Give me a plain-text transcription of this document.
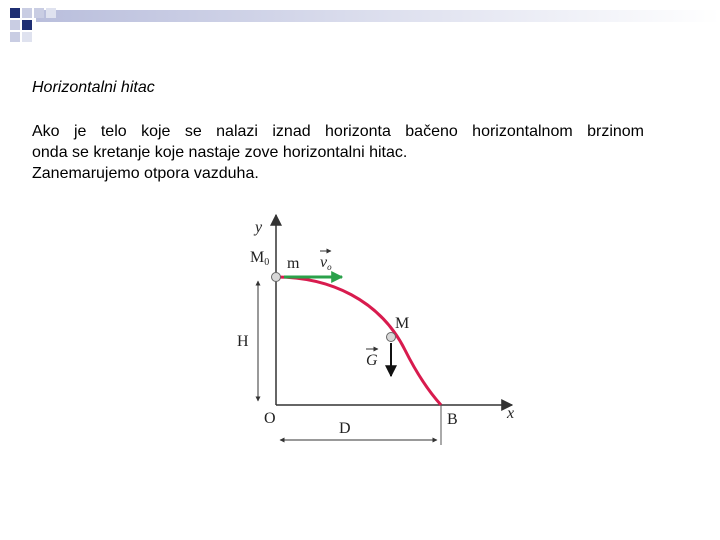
Horizontalni hitac
Ako je telo koje se nalazi iznad horizonta bačeno horizontalnom brzinom
onda se kretanje koje nastaje zove horizontalni hitac.
Zanemarujemo otpora vazduha.
y
x
O
M0 m vo
M
G
H
B
D
